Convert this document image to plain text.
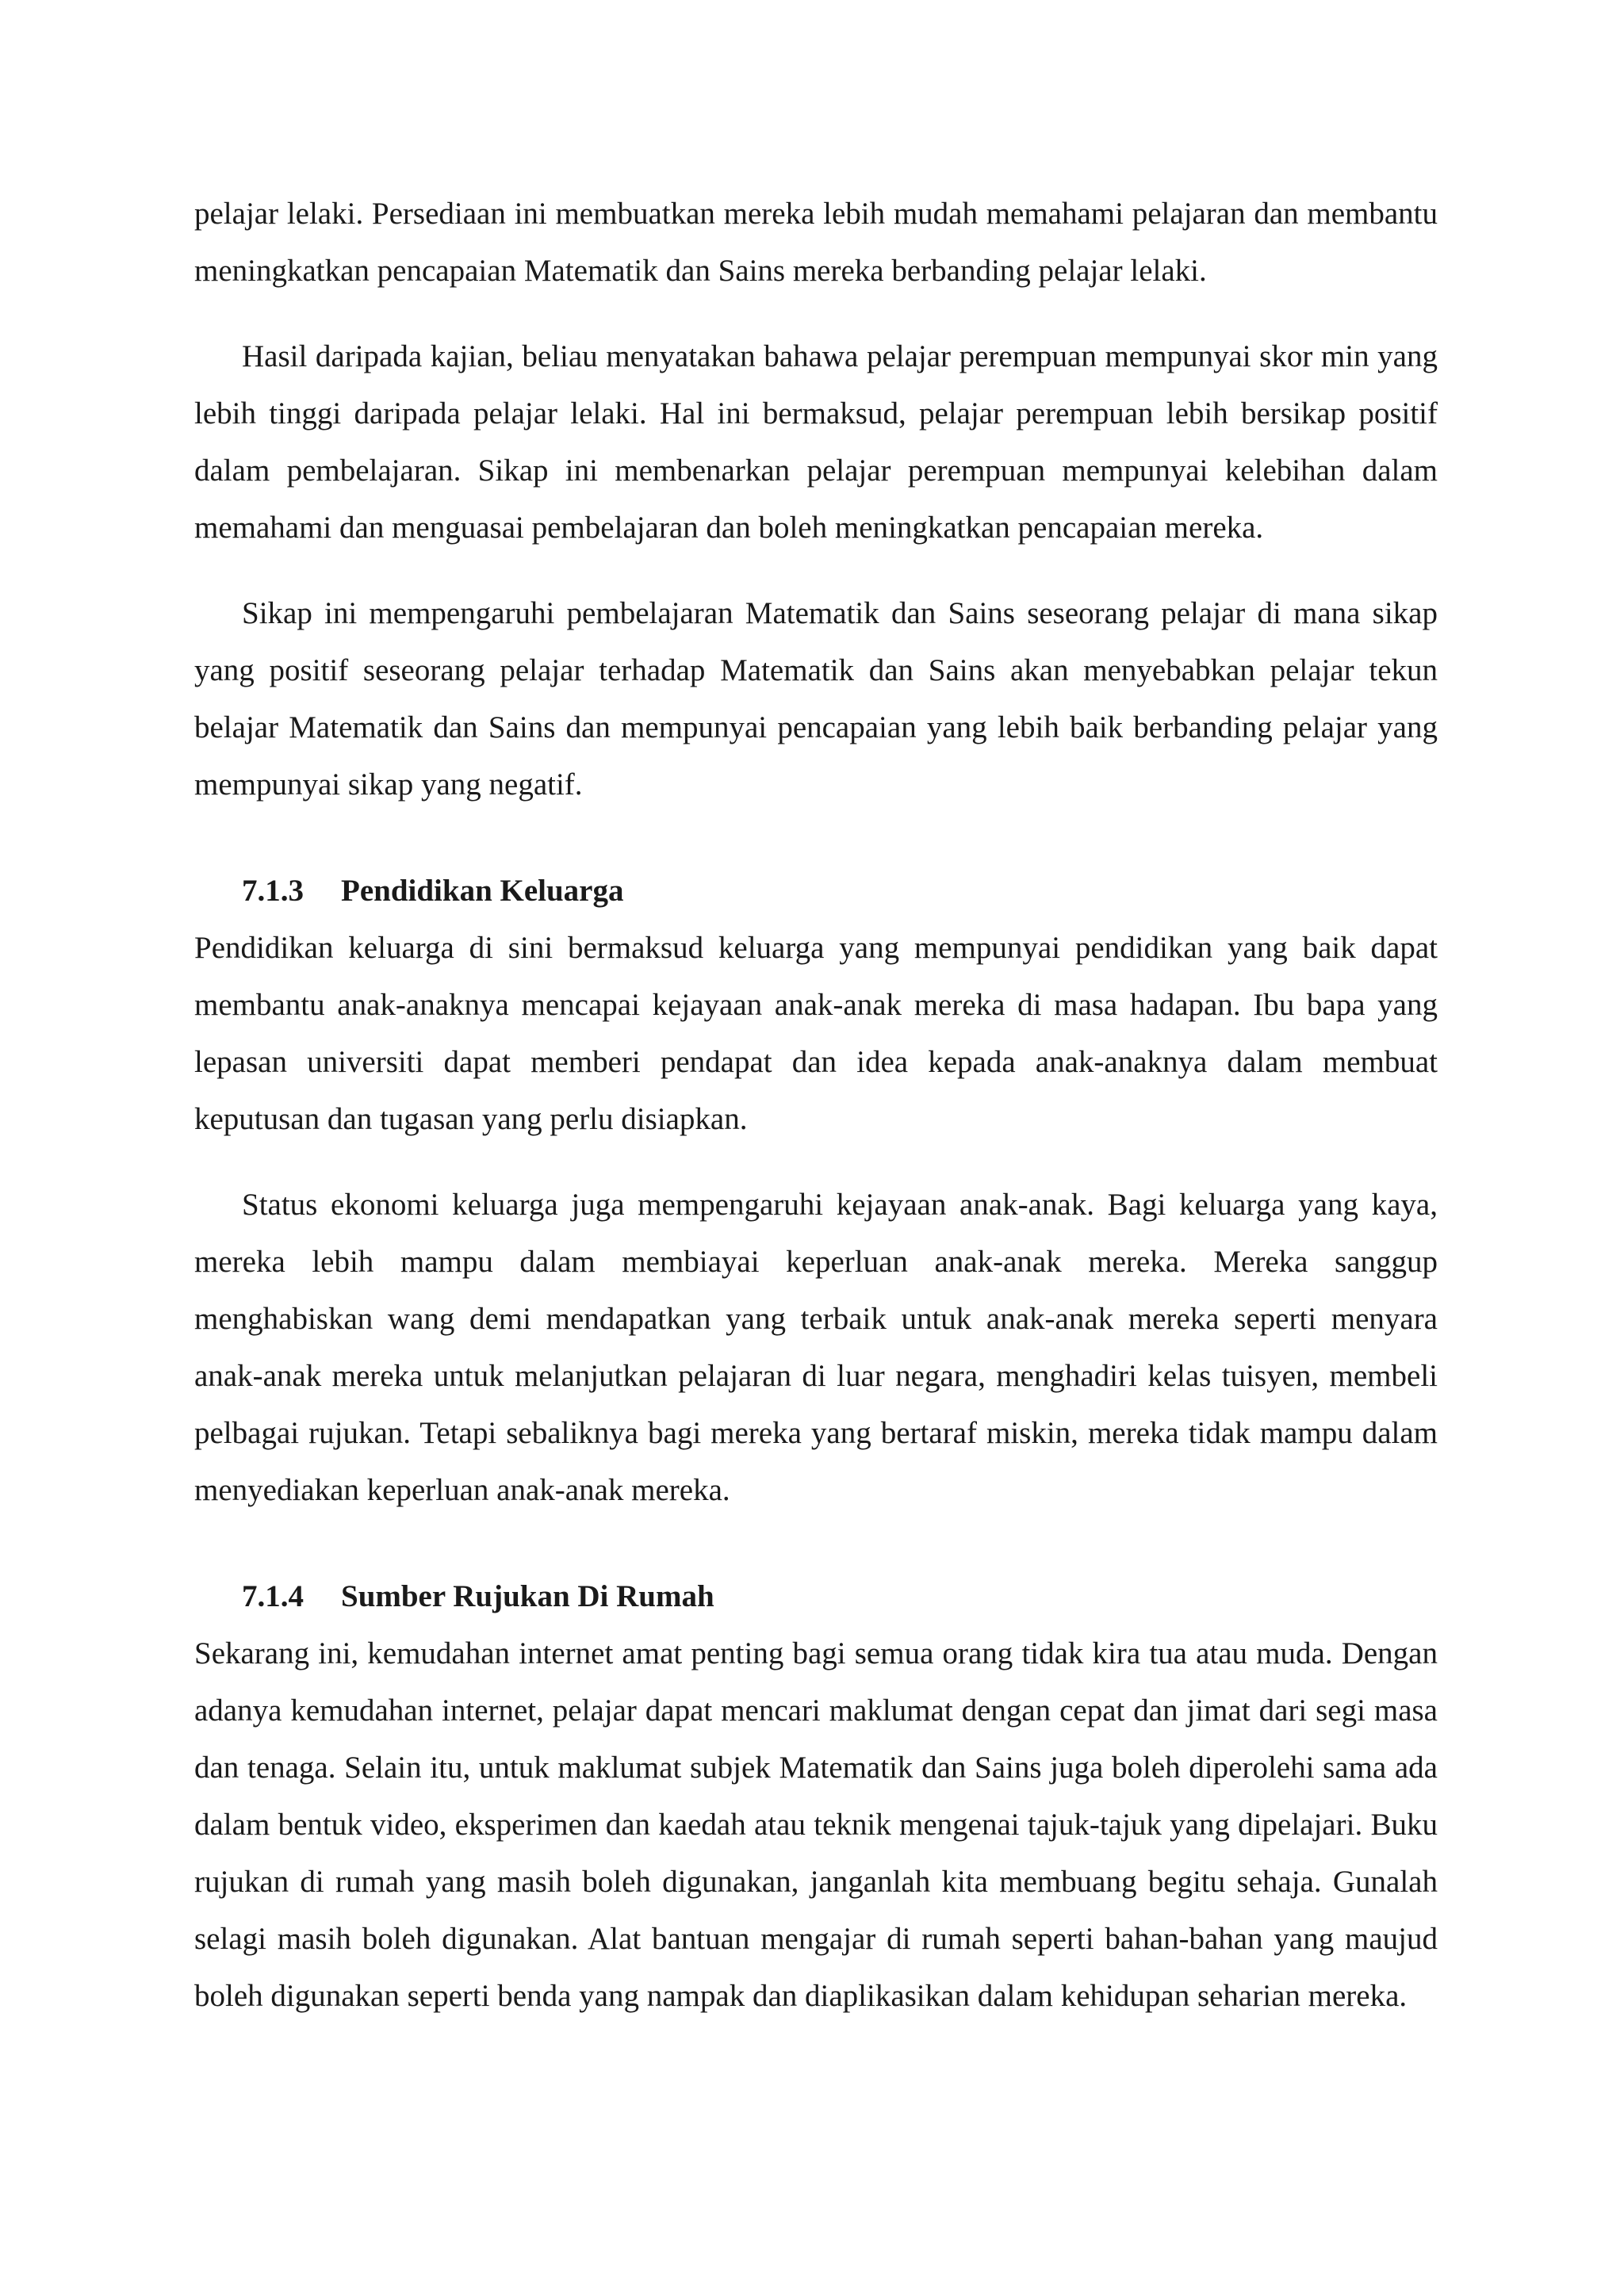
pelajar lelaki. Persediaan ini membuatkan mereka lebih mudah memahami pelajaran dan membantu meningkatkan pencapaian Matematik dan Sains mereka berbanding pelajar lelaki.

Hasil daripada kajian, beliau menyatakan bahawa pelajar perempuan mempunyai skor min yang lebih tinggi daripada pelajar lelaki. Hal ini bermaksud, pelajar perempuan lebih bersikap positif dalam pembelajaran. Sikap ini membenarkan pelajar perempuan mempunyai kelebihan dalam memahami dan menguasai pembelajaran dan boleh meningkatkan pencapaian mereka.

Sikap ini mempengaruhi pembelajaran Matematik dan Sains seseorang pelajar di mana sikap yang positif seseorang pelajar terhadap Matematik dan Sains akan menyebabkan pelajar tekun belajar Matematik dan Sains dan mempunyai pencapaian yang lebih baik berbanding pelajar yang mempunyai sikap yang negatif.

7.1.3 Pendidikan Keluarga

Pendidikan keluarga di sini bermaksud keluarga yang mempunyai pendidikan yang baik dapat membantu anak-anaknya mencapai kejayaan anak-anak mereka di masa hadapan. Ibu bapa yang lepasan universiti dapat memberi pendapat dan idea kepada anak-anaknya dalam membuat keputusan dan tugasan yang perlu disiapkan.

Status ekonomi keluarga juga mempengaruhi kejayaan anak-anak. Bagi keluarga yang kaya, mereka lebih mampu dalam membiayai keperluan anak-anak mereka. Mereka sanggup menghabiskan wang demi mendapatkan yang terbaik untuk anak-anak mereka seperti menyara anak-anak mereka untuk melanjutkan pelajaran di luar negara, menghadiri kelas tuisyen, membeli pelbagai rujukan. Tetapi sebaliknya bagi mereka yang bertaraf miskin, mereka tidak mampu dalam menyediakan keperluan anak-anak mereka.

7.1.4 Sumber Rujukan Di Rumah

Sekarang ini, kemudahan internet amat penting bagi semua orang tidak kira tua atau muda. Dengan adanya kemudahan internet, pelajar dapat mencari maklumat dengan cepat dan jimat dari segi masa dan tenaga. Selain itu, untuk maklumat subjek Matematik dan Sains juga boleh diperolehi sama ada dalam bentuk video, eksperimen dan kaedah atau teknik mengenai tajuk-tajuk yang dipelajari. Buku rujukan di rumah yang masih boleh digunakan, janganlah kita membuang begitu sehaja. Gunalah selagi masih boleh digunakan. Alat bantuan mengajar di rumah seperti bahan-bahan yang maujud boleh digunakan seperti benda yang nampak dan diaplikasikan dalam kehidupan seharian mereka.
